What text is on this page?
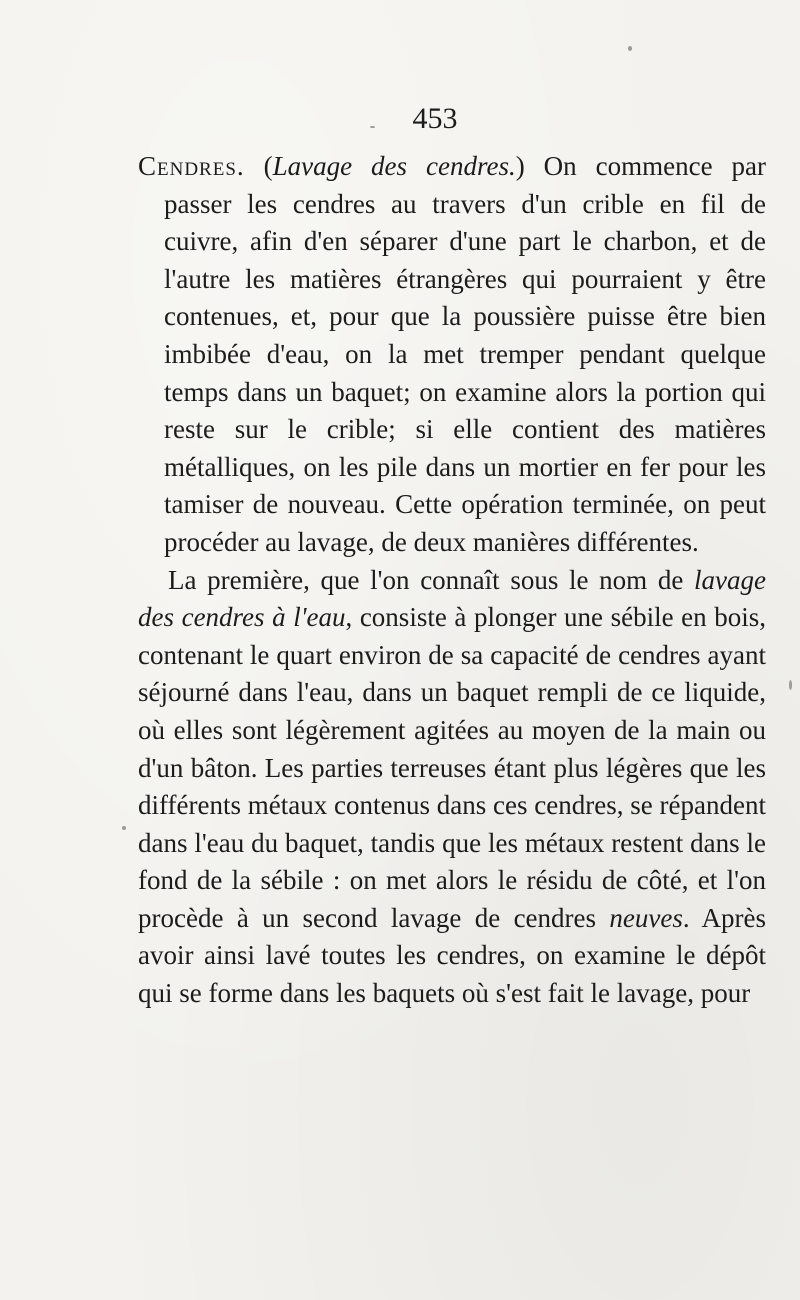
453

Cendres. (Lavage des cendres.) On commence par passer les cendres au travers d'un crible en fil de cuivre, afin d'en séparer d'une part le charbon, et de l'autre les matières étrangères qui pourraient y être contenues, et, pour que la poussière puisse être bien imbibée d'eau, on la met tremper pendant quelque temps dans un baquet; on examine alors la portion qui reste sur le crible; si elle contient des matières métalliques, on les pile dans un mortier en fer pour les tamiser de nouveau. Cette opération terminée, on peut procéder au lavage, de deux manières différentes.

La première, que l'on connaît sous le nom de lavage des cendres à l'eau, consiste à plonger une sébile en bois, contenant le quart environ de sa capacité de cendres ayant séjourné dans l'eau, dans un baquet rempli de ce liquide, où elles sont légèrement agitées au moyen de la main ou d'un bâton. Les parties terreuses étant plus légères que les différents métaux contenus dans ces cendres, se répandent dans l'eau du baquet, tandis que les métaux restent dans le fond de la sébile : on met alors le résidu de côté, et l'on procède à un second lavage de cendres neuves. Après avoir ainsi lavé toutes les cendres, on examine le dépôt qui se forme dans les baquets où s'est fait le lavage, pour
